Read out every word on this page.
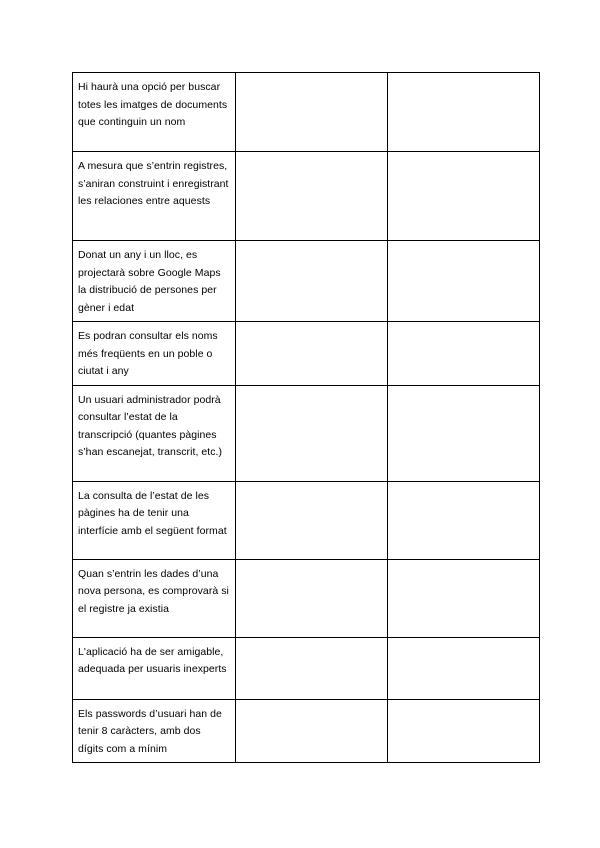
Hi haurà una opció per buscar totes les imatges de documents que continguin un nom		

A mesura que s’entrin registres, s’aniran construint i enregistrant les relaciones entre aquests		

Donat un any i un lloc, es projectarà sobre Google Maps la distribució de persones per gèner i edat		

Es podran consultar els noms més freqüents en un poble o ciutat i any		

Un usuari administrador podrà consultar l’estat de la transcripció (quantes pàgines s’han escanejat, transcrit, etc.)		

La consulta de l’estat de les pàgines ha de tenir una interfície amb el següent format		

Quan s’entrin les dades d’una nova persona, es comprovarà si el registre ja existia		

L'aplicació ha de ser amigable, adequada per usuaris inexperts		

Els passwords d’usuari han de tenir 8 caràcters, amb dos dígits com a mínim		
